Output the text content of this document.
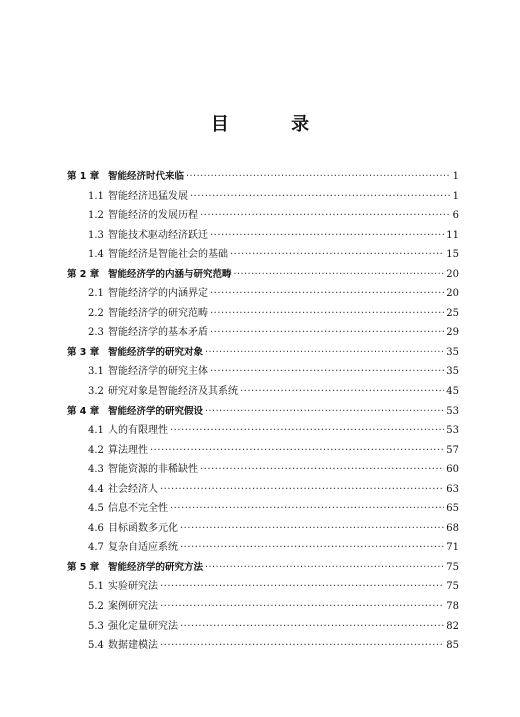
目 录
第 1 章 智能经济时代来临 ·····	1
1.1 智能经济迅猛发展 ·····	1
1.2 智能经济的发展历程 ·····	6
1.3 智能技术驱动经济跃迁 ·····	11
1.4 智能经济是智能社会的基础 ·····	15
第 2 章 智能经济学的内涵与研究范畴 ·····	20
2.1 智能经济学的内涵界定 ·····	20
2.2 智能经济学的研究范畴 ·····	25
2.3 智能经济学的基本矛盾 ·····	29
第 3 章 智能经济学的研究对象 ·····	35
3.1 智能经济学的研究主体 ·····	35
3.2 研究对象是智能经济及其系统 ·····	45
第 4 章 智能经济学的研究假设 ·····	53
4.1 人的有限理性 ·····	53
4.2 算法理性 ·····	57
4.3 智能资源的非稀缺性 ·····	60
4.4 社会经济人 ·····	63
4.5 信息不完全性 ·····	65
4.6 目标函数多元化 ·····	68
4.7 复杂自适应系统 ·····	71
第 5 章 智能经济学的研究方法 ·····	75
5.1 实验研究法 ·····	75
5.2 案例研究法 ·····	78
5.3 强化定量研究法 ·····	82
5.4 数据建模法 ·····	85
